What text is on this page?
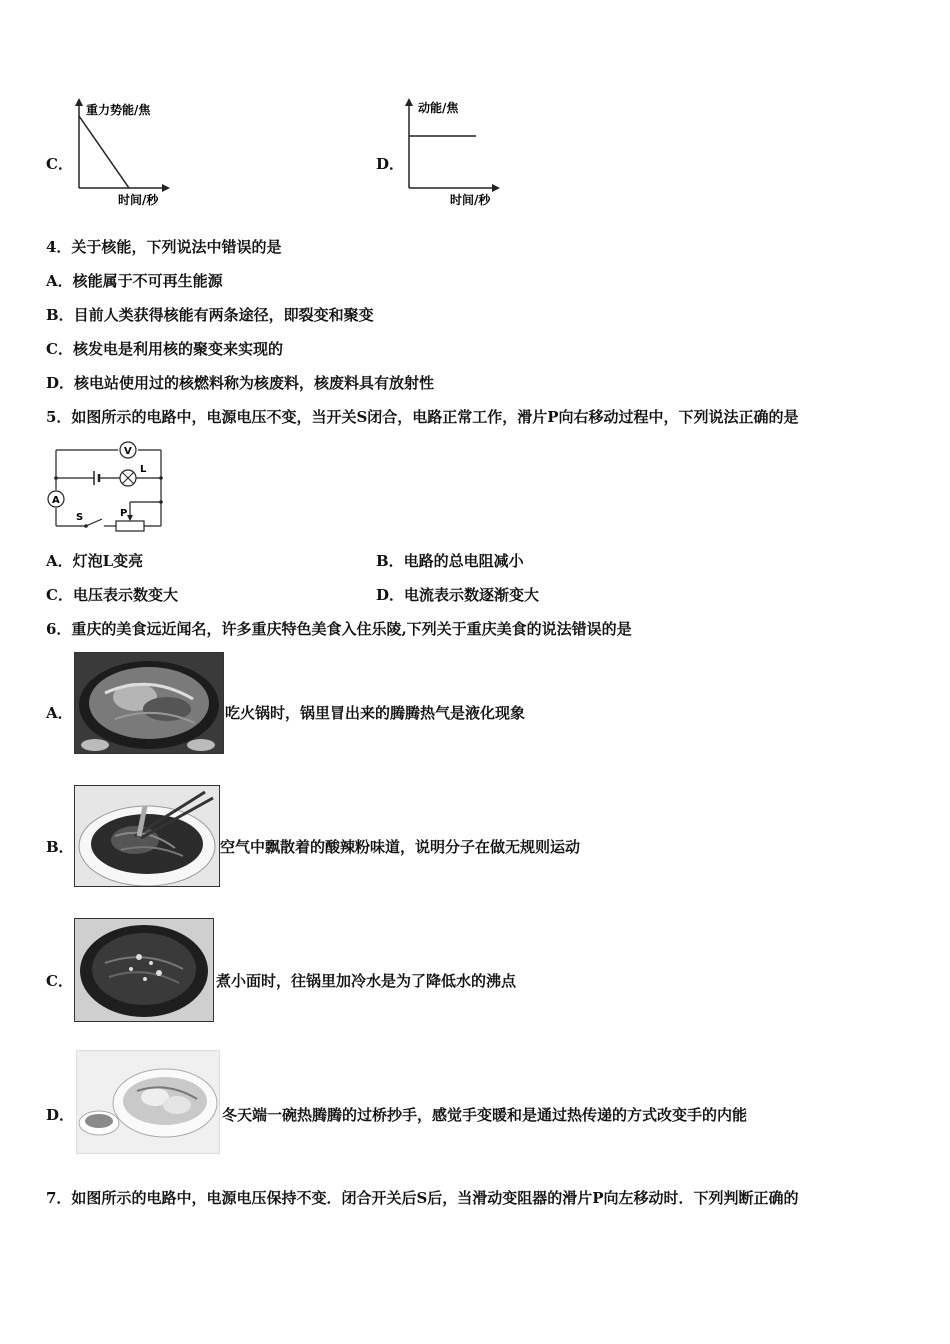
C．
重力势能/焦
时间/秒
D．
动能/焦
时间/秒
4．关于核能，下列说法中错误的是
A．核能属于不可再生能源
B．目前人类获得核能有两条途径，即裂变和聚变
C．核发电是利用核的聚变来实现的
D．核电站使用过的核燃料称为核废料，核废料具有放射性
5．如图所示的电路中，电源电压不变，当开关S闭合，电路正常工作，滑片P向右移动过程中，下列说法正确的是
L
V
A
S	P
A．灯泡L变亮	B．电路的总电阻减小
C．电压表示数变大	D．电流表示数逐渐变大
6．重庆的美食远近闻名，许多重庆特色美食入住乐陵,下列关于重庆美食的说法错误的是
A．	吃火锅时，锅里冒出来的腾腾热气是液化现象
B．	空气中飘散着的酸辣粉味道，说明分子在做无规则运动
C．	煮小面时，往锅里加冷水是为了降低水的沸点
D．	冬天端一碗热腾腾的过桥抄手，感觉手变暖和是通过热传递的方式改变手的内能
7．如图所示的电路中，电源电压保持不变．闭合开关后S后，当滑动变阻器的滑片P向左移动时．下列判断正确的
